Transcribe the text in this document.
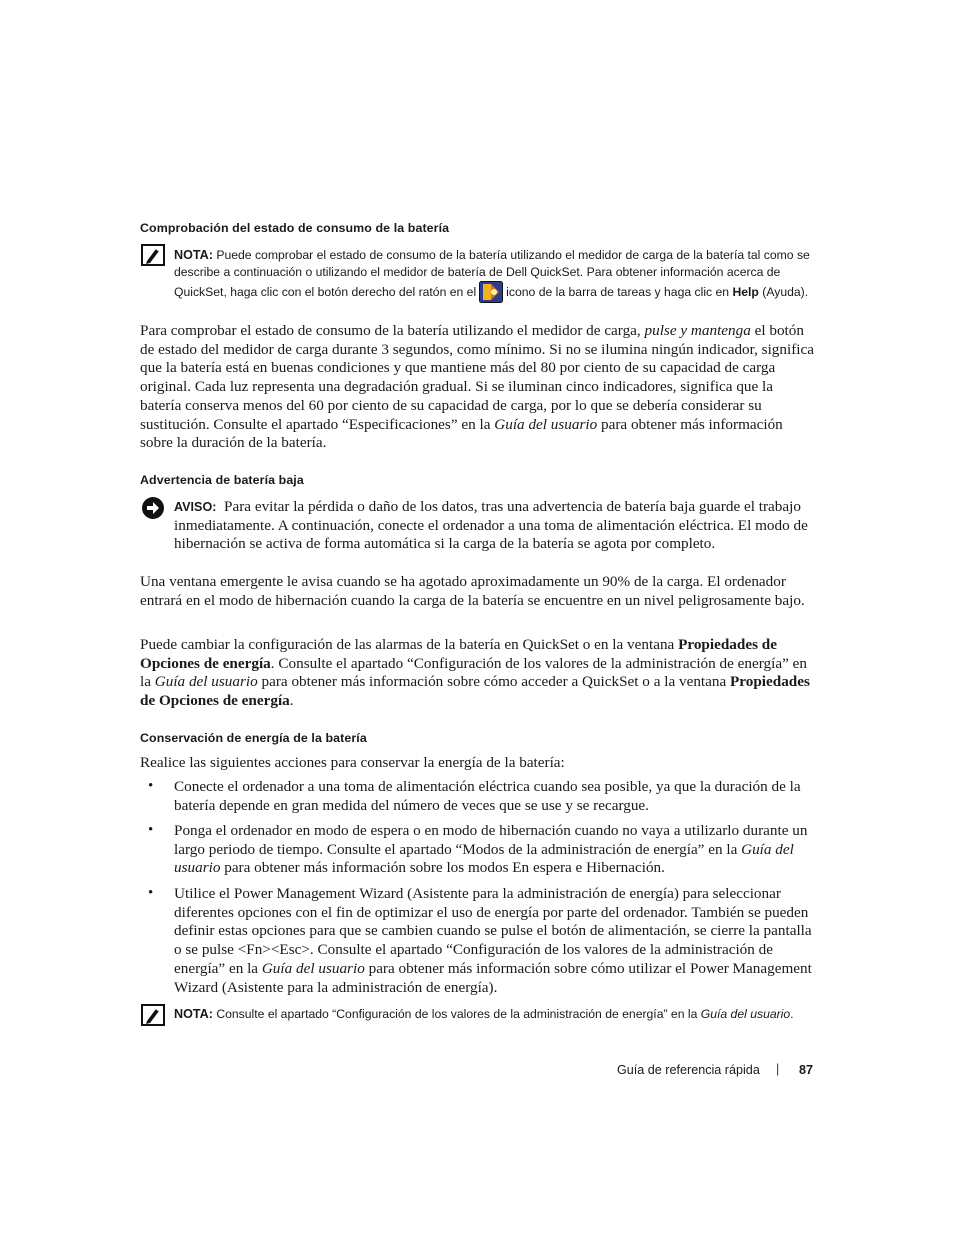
Comprobación del estado de consumo de la batería
NOTA: Puede comprobar el estado de consumo de la batería utilizando el medidor de carga de la batería tal como se describe a continuación o utilizando el medidor de batería de Dell QuickSet. Para obtener información acerca de QuickSet, haga clic con el botón derecho del ratón en el icono de la barra de tareas y haga clic en Help (Ayuda).

Para comprobar el estado de consumo de la batería utilizando el medidor de carga, pulse y mantenga el botón de estado del medidor de carga durante 3 segundos, como mínimo. Si no se ilumina ningún indicador, significa que la batería está en buenas condiciones y que mantiene más del 80 por ciento de su capacidad de carga original. Cada luz representa una degradación gradual. Si se iluminan cinco indicadores, significa que la batería conserva menos del 60 por ciento de su capacidad de carga, por lo que se debería considerar su sustitución. Consulte el apartado “Especificaciones” en la Guía del usuario para obtener más información sobre la duración de la batería.

Advertencia de batería baja

AVISO: Para evitar la pérdida o daño de los datos, tras una advertencia de batería baja guarde el trabajo inmediatamente. A continuación, conecte el ordenador a una toma de alimentación eléctrica. El modo de hibernación se activa de forma automática si la carga de la batería se agota por completo.

Una ventana emergente le avisa cuando se ha agotado aproximadamente un 90% de la carga. El ordenador entrará en el modo de hibernación cuando la carga de la batería se encuentre en un nivel peligrosamente bajo.

Puede cambiar la configuración de las alarmas de la batería en QuickSet o en la ventana Propiedades de Opciones de energía. Consulte el apartado “Configuración de los valores de la administración de energía” en la Guía del usuario para obtener más información sobre cómo acceder a QuickSet o a la ventana Propiedades de Opciones de energía.

Conservación de energía de la batería

Realice las siguientes acciones para conservar la energía de la batería:

• Conecte el ordenador a una toma de alimentación eléctrica cuando sea posible, ya que la duración de la batería depende en gran medida del número de veces que se use y se recargue.

• Ponga el ordenador en modo de espera o en modo de hibernación cuando no vaya a utilizarlo durante un largo periodo de tiempo. Consulte el apartado “Modos de la administración de energía” en la Guía del usuario para obtener más información sobre los modos En espera e Hibernación.

• Utilice el Power Management Wizard (Asistente para la administración de energía) para seleccionar diferentes opciones con el fin de optimizar el uso de energía por parte del ordenador. También se pueden definir estas opciones para que se cambien cuando se pulse el botón de alimentación, se cierre la pantalla o se pulse <Fn><Esc>. Consulte el apartado “Configuración de los valores de la administración de energía” en la Guía del usuario para obtener más información sobre cómo utilizar el Power Management Wizard (Asistente para la administración de energía).

NOTA: Consulte el apartado “Configuración de los valores de la administración de energía” en la Guía del usuario.
Guía de referencia rápida | 87
